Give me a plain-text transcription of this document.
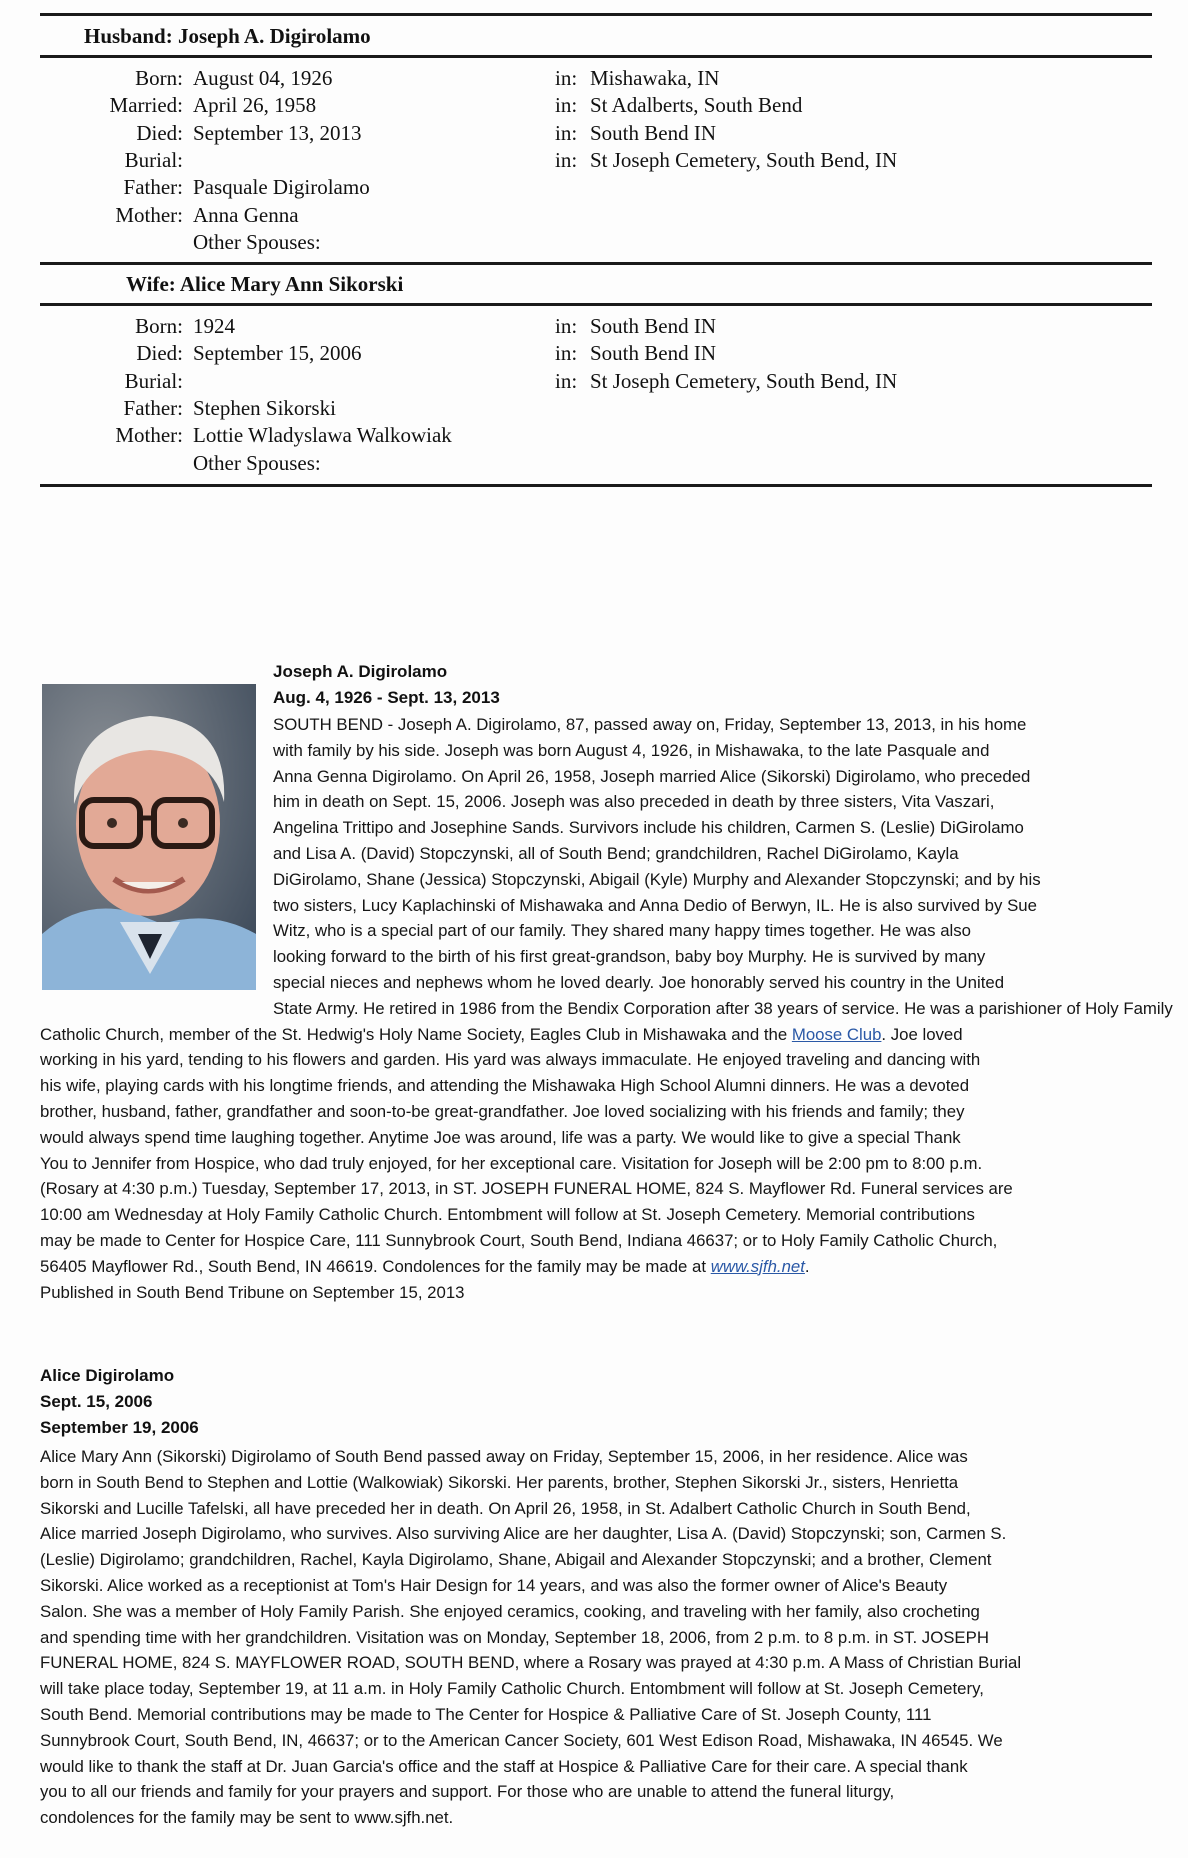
Husband: Joseph A. Digirolamo
Born: August 04, 1926	in: Mishawaka, IN
Married: April 26, 1958	in: St Adalberts, South Bend
Died: September 13, 2013	in: South Bend IN
Burial:	in: St Joseph Cemetery, South Bend, IN
Father: Pasquale Digirolamo
Mother: Anna Genna
Other Spouses:
Wife: Alice Mary Ann Sikorski
Born: 1924	in: South Bend IN
Died: September 15, 2006	in: South Bend IN
Burial:	in: St Joseph Cemetery, South Bend, IN
Father: Stephen Sikorski
Mother: Lottie Wladyslawa Walkowiak
Other Spouses:
Joseph A. Digirolamo
Aug. 4, 1926 - Sept. 13, 2013
SOUTH BEND - Joseph A. Digirolamo, 87, passed away on, Friday, September 13, 2013, in his home
with family by his side. Joseph was born August 4, 1926, in Mishawaka, to the late Pasquale and
Anna Genna Digirolamo. On April 26, 1958, Joseph married Alice (Sikorski) Digirolamo, who preceded
him in death on Sept. 15, 2006. Joseph was also preceded in death by three sisters, Vita Vaszari,
Angelina Trittipo and Josephine Sands. Survivors include his children, Carmen S. (Leslie) DiGirolamo
and Lisa A. (David) Stopczynski, all of South Bend; grandchildren, Rachel DiGirolamo, Kayla
DiGirolamo, Shane (Jessica) Stopczynski, Abigail (Kyle) Murphy and Alexander Stopczynski; and by his
two sisters, Lucy Kaplachinski of Mishawaka and Anna Dedio of Berwyn, IL. He is also survived by Sue
Witz, who is a special part of our family. They shared many happy times together. He was also
looking forward to the birth of his first great-grandson, baby boy Murphy. He is survived by many
special nieces and nephews whom he loved dearly. Joe honorably served his country in the United
State Army. He retired in 1986 from the Bendix Corporation after 38 years of service. He was a parishioner of Holy Family
Catholic Church, member of the St. Hedwig's Holy Name Society, Eagles Club in Mishawaka and the Moose Club. Joe loved
working in his yard, tending to his flowers and garden. His yard was always immaculate. He enjoyed traveling and dancing with
his wife, playing cards with his longtime friends, and attending the Mishawaka High School Alumni dinners. He was a devoted
brother, husband, father, grandfather and soon-to-be great-grandfather. Joe loved socializing with his friends and family; they
would always spend time laughing together. Anytime Joe was around, life was a party. We would like to give a special Thank
You to Jennifer from Hospice, who dad truly enjoyed, for her exceptional care. Visitation for Joseph will be 2:00 pm to 8:00 p.m.
(Rosary at 4:30 p.m.) Tuesday, September 17, 2013, in ST. JOSEPH FUNERAL HOME, 824 S. Mayflower Rd. Funeral services are
10:00 am Wednesday at Holy Family Catholic Church. Entombment will follow at St. Joseph Cemetery. Memorial contributions
may be made to Center for Hospice Care, 111 Sunnybrook Court, South Bend, Indiana 46637; or to Holy Family Catholic Church,
56405 Mayflower Rd., South Bend, IN 46619. Condolences for the family may be made at www.sjfh.net.
Published in South Bend Tribune on September 15, 2013
Alice Digirolamo
Sept. 15, 2006
September 19, 2006
Alice Mary Ann (Sikorski) Digirolamo of South Bend passed away on Friday, September 15, 2006, in her residence. Alice was
born in South Bend to Stephen and Lottie (Walkowiak) Sikorski. Her parents, brother, Stephen Sikorski Jr., sisters, Henrietta
Sikorski and Lucille Tafelski, all have preceded her in death. On April 26, 1958, in St. Adalbert Catholic Church in South Bend,
Alice married Joseph Digirolamo, who survives. Also surviving Alice are her daughter, Lisa A. (David) Stopczynski; son, Carmen S.
(Leslie) Digirolamo; grandchildren, Rachel, Kayla Digirolamo, Shane, Abigail and Alexander Stopczynski; and a brother, Clement
Sikorski. Alice worked as a receptionist at Tom's Hair Design for 14 years, and was also the former owner of Alice's Beauty
Salon. She was a member of Holy Family Parish. She enjoyed ceramics, cooking, and traveling with her family, also crocheting
and spending time with her grandchildren. Visitation was on Monday, September 18, 2006, from 2 p.m. to 8 p.m. in ST. JOSEPH
FUNERAL HOME, 824 S. MAYFLOWER ROAD, SOUTH BEND, where a Rosary was prayed at 4:30 p.m. A Mass of Christian Burial
will take place today, September 19, at 11 a.m. in Holy Family Catholic Church. Entombment will follow at St. Joseph Cemetery,
South Bend. Memorial contributions may be made to The Center for Hospice & Palliative Care of St. Joseph County, 111
Sunnybrook Court, South Bend, IN, 46637; or to the American Cancer Society, 601 West Edison Road, Mishawaka, IN 46545. We
would like to thank the staff at Dr. Juan Garcia's office and the staff at Hospice & Palliative Care for their care. A special thank
you to all our friends and family for your prayers and support. For those who are unable to attend the funeral liturgy,
condolences for the family may be sent to www.sjfh.net.
